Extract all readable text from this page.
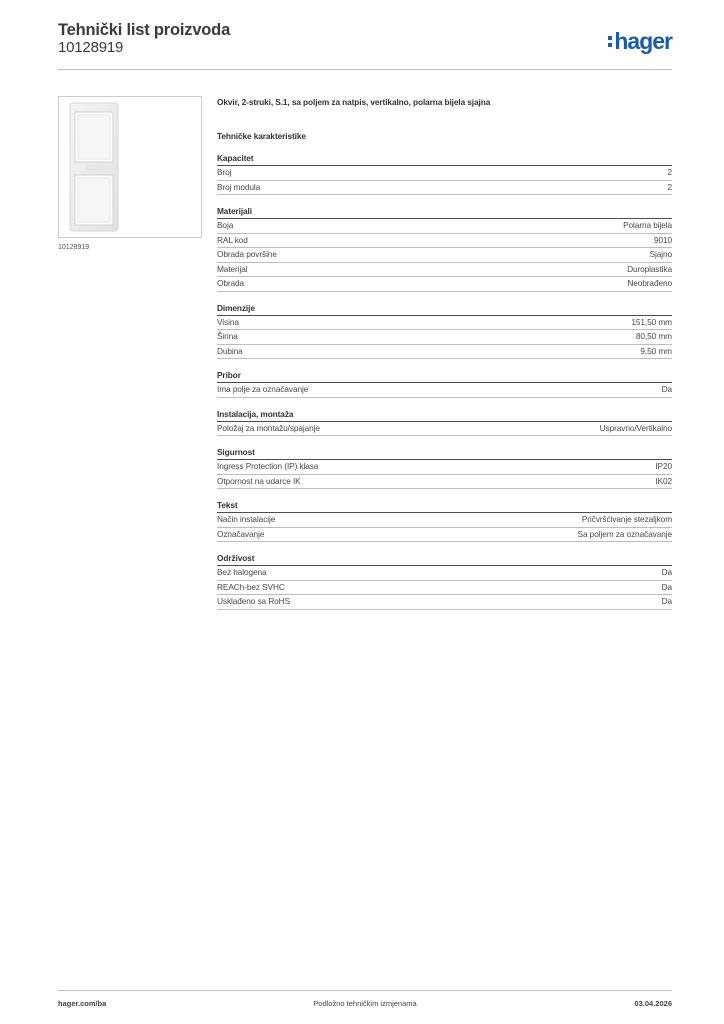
Tehnički list proizvoda
10128919	hager
10128919
Okvir, 2-struki, S.1, sa poljem za natpis, vertikalno, polarna bijela sjajna
Tehničke karakteristike
Kapacitet
Broj	2
Broj modula	2
Materijali
Boja	Polarna bijela
RAL kod	9010
Obrada površine	Sjajno
Materijal	Duroplastika
Obrada	Neobrađeno
Dimenzije
Visina	151,50 mm
Širina	80,50 mm
Dubina	9,50 mm
Pribor
Ima polje za označavanje	Da
Instalacija, montaža
Položaj za montažu/spajanje	Uspravno/Vertikalno
Sigurnost
Ingress Protection (IP) klasa	IP20
Otpornost na udarce IK	IK02
Tekst
Način instalacije	Pričvršćivanje stezaljkom
Označavanje	Sa poljem za označavanje
Održivost
Bez halogena	Da
REACh-bez SVHC	Da
Usklađeno sa RoHS	Da
hager.com/ba	Podložno tehničkim izmjenama	03.04.2026
